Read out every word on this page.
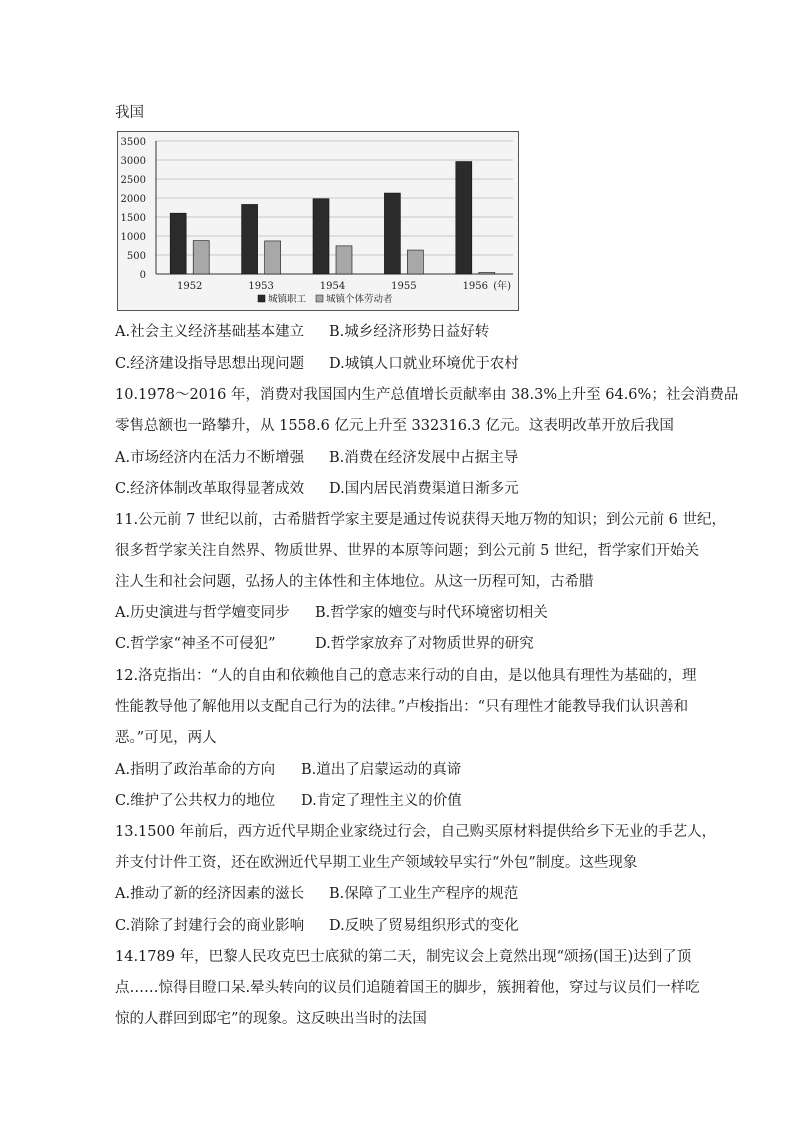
我国
0
500
1000
1500
2000
2500
3000
3500
1952	1953	1954	1955	1956 (年)
城镇职工 城镇个体劳动者
A.社会主义经济基础基本建立 B.城乡经济形势日益好转
C.经济建设指导思想出现问题 D.城镇人口就业环境优于农村
10.1978～2016 年，消费对我国国内生产总值增长贡献率由 38.3%上升至 64.6%；社会消费品
零售总额也一路攀升，从 1558.6 亿元上升至 332316.3 亿元。这表明改革开放后我国
A.市场经济内在活力不断增强 B.消费在经济发展中占据主导
C.经济体制改革取得显著成效 D.国内居民消费渠道日渐多元
11.公元前 7 世纪以前，古希腊哲学家主要是通过传说获得天地万物的知识；到公元前 6 世纪，
很多哲学家关注自然界、物质世界、世界的本原等问题；到公元前 5 世纪，哲学家们开始关
注人生和社会问题，弘扬人的主体性和主体地位。从这一历程可知，古希腊
A.历史演进与哲学嬗变同步 B.哲学家的嬗变与时代环境密切相关
C.哲学家“神圣不可侵犯”	D.哲学家放弃了对物质世界的研究
12.洛克指出：“人的自由和依赖他自己的意志来行动的自由，是以他具有理性为基础的，理
性能教导他了解他用以支配自己行为的法律。”卢梭指出：“只有理性才能教导我们认识善和
恶。”可见，两人
A.指明了政治革命的方向 B.道出了启蒙运动的真谛
C.维护了公共权力的地位 D.肯定了理性主义的价值
13.1500 年前后，西方近代早期企业家绕过行会，自己购买原材料提供给乡下无业的手艺人，
并支付计件工资，还在欧洲近代早期工业生产领域较早实行“外包”制度。这些现象
A.推动了新的经济因素的滋长 B.保障了工业生产程序的规范
C.消除了封建行会的商业影响 D.反映了贸易组织形式的变化
14.1789 年，巴黎人民攻克巴士底狱的第二天，制宪议会上竟然出现“颂扬(国王)达到了顶
点……惊得目瞪口呆.晕头转向的议员们追随着国王的脚步，簇拥着他，穿过与议员们一样吃
惊的人群回到邸宅”的现象。这反映出当时的法国
